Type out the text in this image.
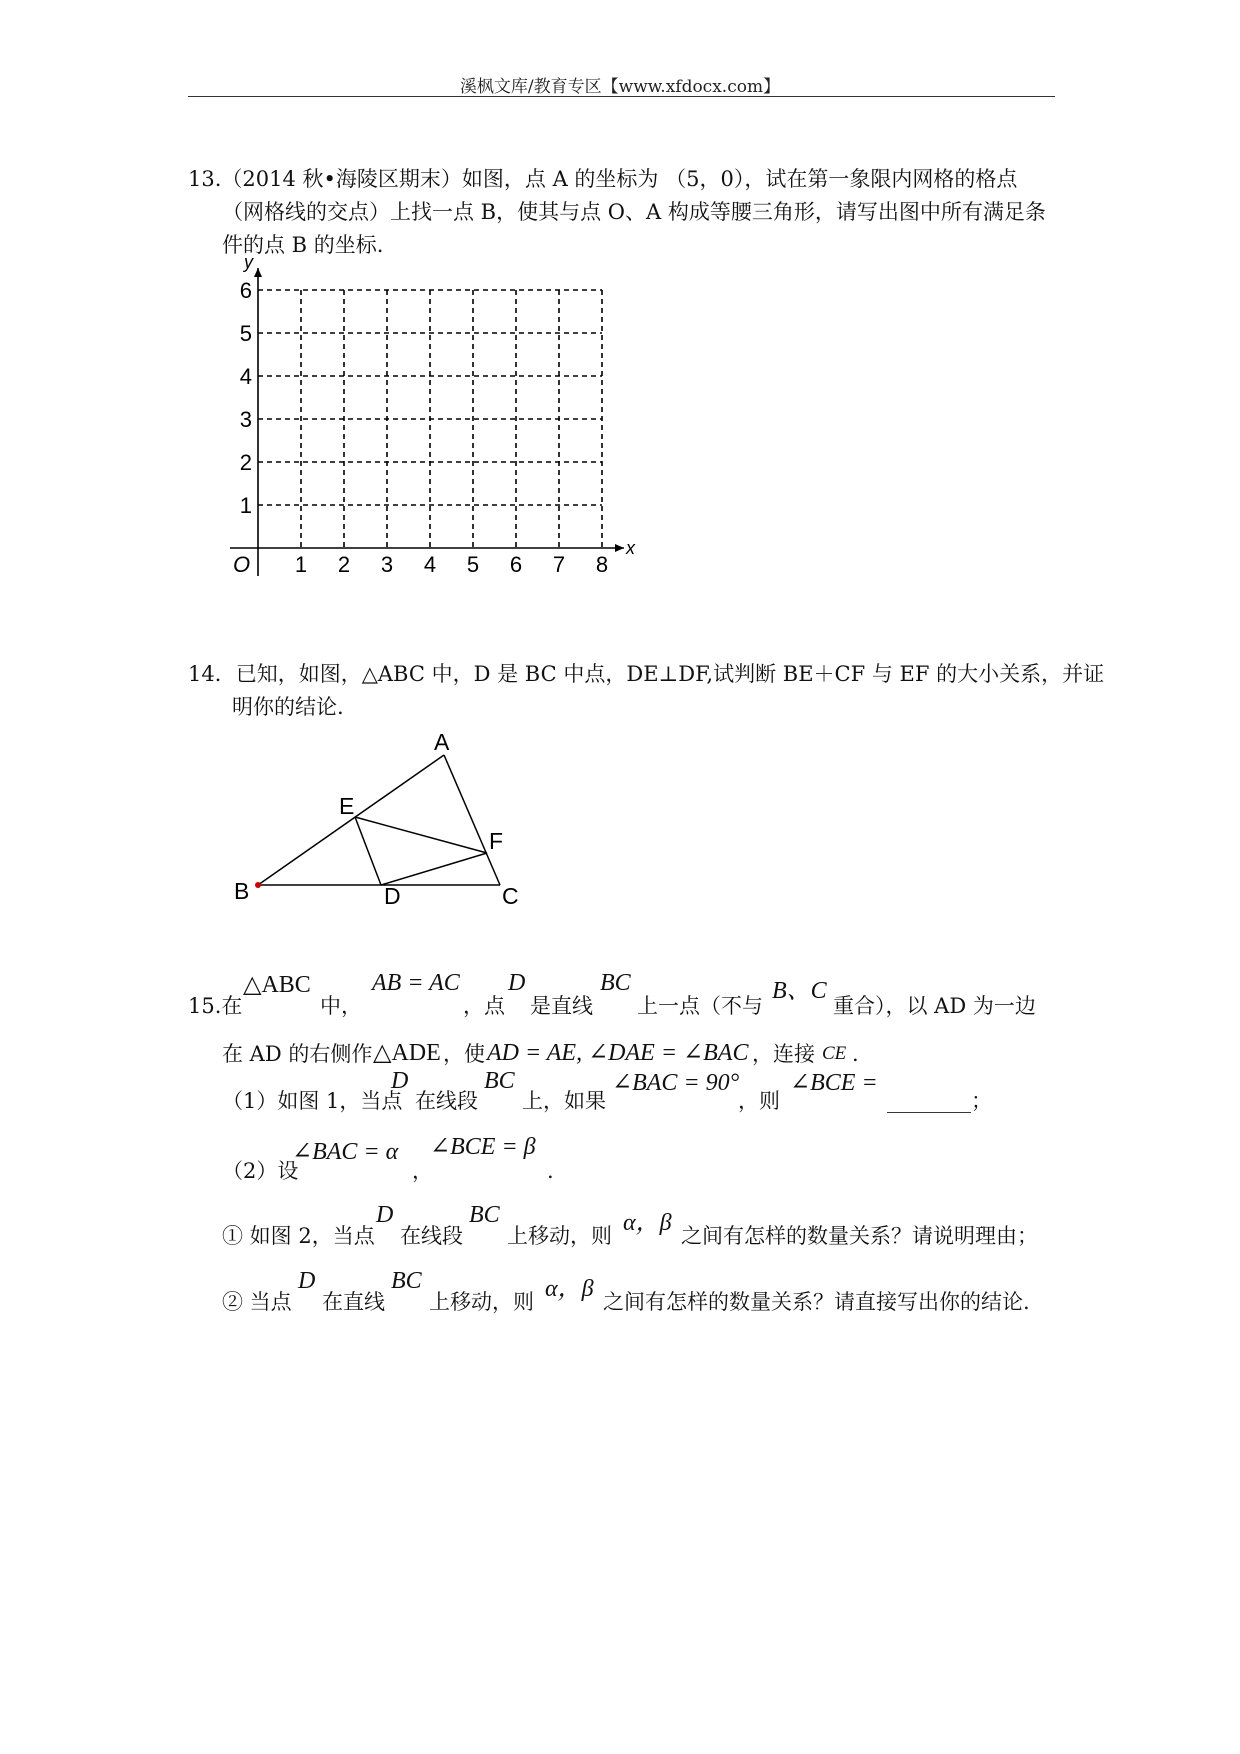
溪枫文库/教育专区【www.xfdocx.com】
13.（2014 秋•海陵区期末）如图，点 A 的坐标为 （5，0），试在第一象限内网格的格点
（网格线的交点）上找一点 B，使其与点 O、A 构成等腰三角形，请写出图中所有满足条
件的点 B 的坐标.
1 2 3 4 5 6 7 8
1
2
3
4
5
6
O
x
y
14．已知，如图，△ABC 中，D 是 BC 中点，DE⊥DF,试判断 BE＋CF 与 EF 的大小关系，并证
明你的结论.
A
E
F
B	D	C
15.在
△ABC
中，
AB = AC
，点
D
是直线
BC
上一点（不与
B、C
重合），以 AD 为一边
在 AD 的右侧作 △ADE ，使 AD = AE, ∠DAE = ∠BAC ，连接 CE .
（1）如图 1，当点
D
在线段
BC
上，如果
∠BAC = 90°
，则
∠BCE =
________；
（2）设
∠BAC = α
，
∠BCE = β
.
① 如图 2，当点
D
在线段
BC
上移动，则 α，β 之间有怎样的数量关系？请说明理由；
② 当点
D
在直线
BC
上移动，则 α，β 之间有怎样的数量关系？请直接写出你的结论.
